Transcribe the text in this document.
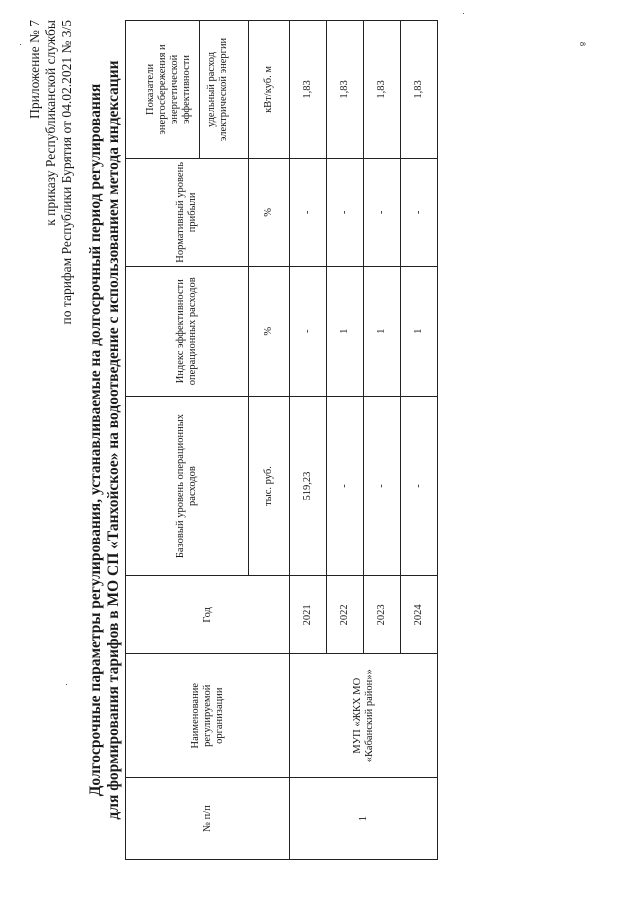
8
Приложение № 7 к приказу Республиканской службы по тарифам Республики Бурятия от 04.02.2021 № 3/5 Долгосрочные параметры регулирования, устанавливаемые на долгосрочный период регулирования для формирования тарифов в МО СП «Танхойское» на водоотведение с использованием метода индексации	№ п/п	Наименование регулируемой организации	Год	Базовый уровень операционных расходов	Индекс эффективности операционных расходов	Нормативный уровень прибыли	Показатели энергосбережения и энергетической эффективности удельный расход электрической энергии

			тыс. руб.	%	%	кВт/куб. м
1	МУП «ЖКХ МО «Кабанский район»»	2021	519,23	-	-	1,83
		2022	-	1	-	1,83
		2023	-	1	-	1,83
		2024	-	1	-	1,83
